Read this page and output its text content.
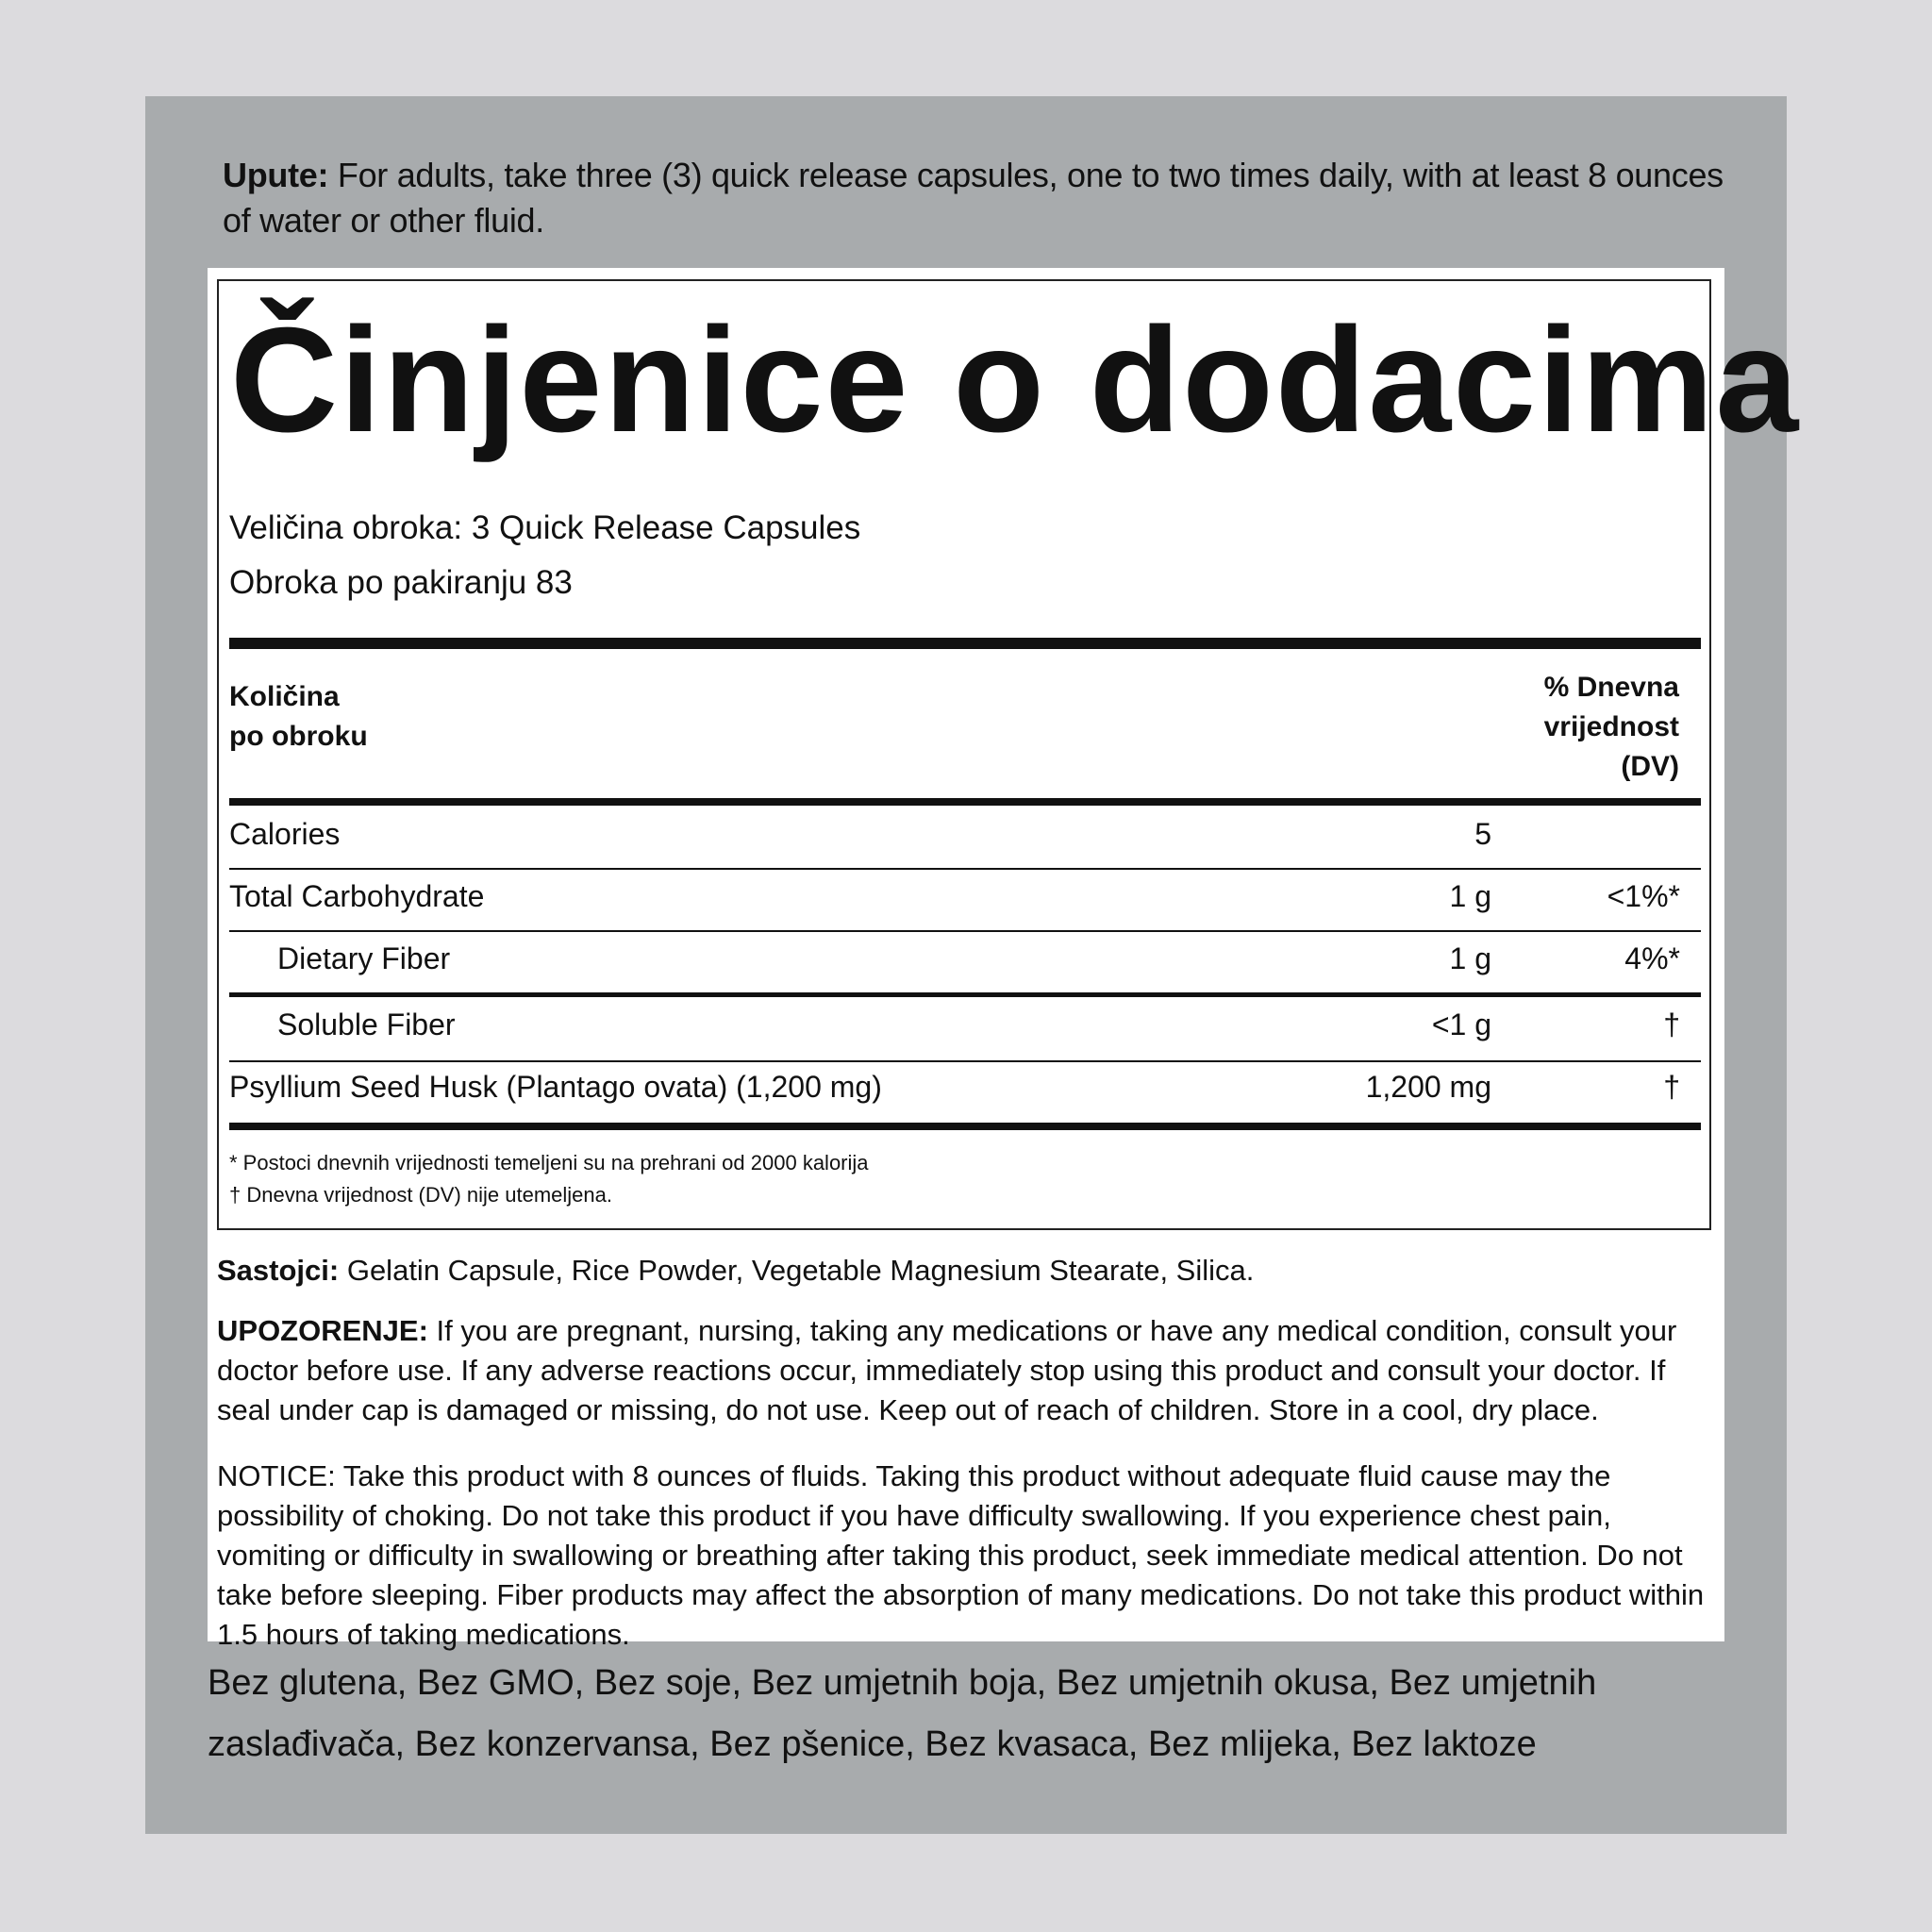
Upute: For adults, take three (3) quick release capsules, one to two times daily, with at least 8 ounces of water or other fluid.
Činjenice o dodacima
Veličina obroka: 3 Quick Release Capsules
Obroka po pakiranju 83
Količina
po obroku
% Dnevna
vrijednost
(DV)
Calories	5
Total Carbohydrate	1 g	<1%*
Dietary Fiber	1 g	4%*
Soluble Fiber	<1 g	†
Psyllium Seed Husk (Plantago ovata) (1,200 mg)	1,200 mg	†
* Postoci dnevnih vrijednosti temeljeni su na prehrani od 2000 kalorija
† Dnevna vrijednost (DV) nije utemeljena.
Sastojci: Gelatin Capsule, Rice Powder, Vegetable Magnesium Stearate, Silica.
UPOZORENJE: If you are pregnant, nursing, taking any medications or have any medical condition, consult your doctor before use. If any adverse reactions occur, immediately stop using this product and consult your doctor. If seal under cap is damaged or missing, do not use. Keep out of reach of children. Store in a cool, dry place.
NOTICE: Take this product with 8 ounces of fluids. Taking this product without adequate fluid cause may the possibility of choking. Do not take this product if you have difficulty swallowing. If you experience chest pain, vomiting or difficulty in swallowing or breathing after taking this product, seek immediate medical attention. Do not take before sleeping. Fiber products may affect the absorption of many medications. Do not take this product within 1.5 hours of taking medications.
Bez glutena, Bez GMO, Bez soje, Bez umjetnih boja, Bez umjetnih okusa, Bez umjetnih zaslađivača, Bez konzervansa, Bez pšenice, Bez kvasaca, Bez mlijeka, Bez laktoze
